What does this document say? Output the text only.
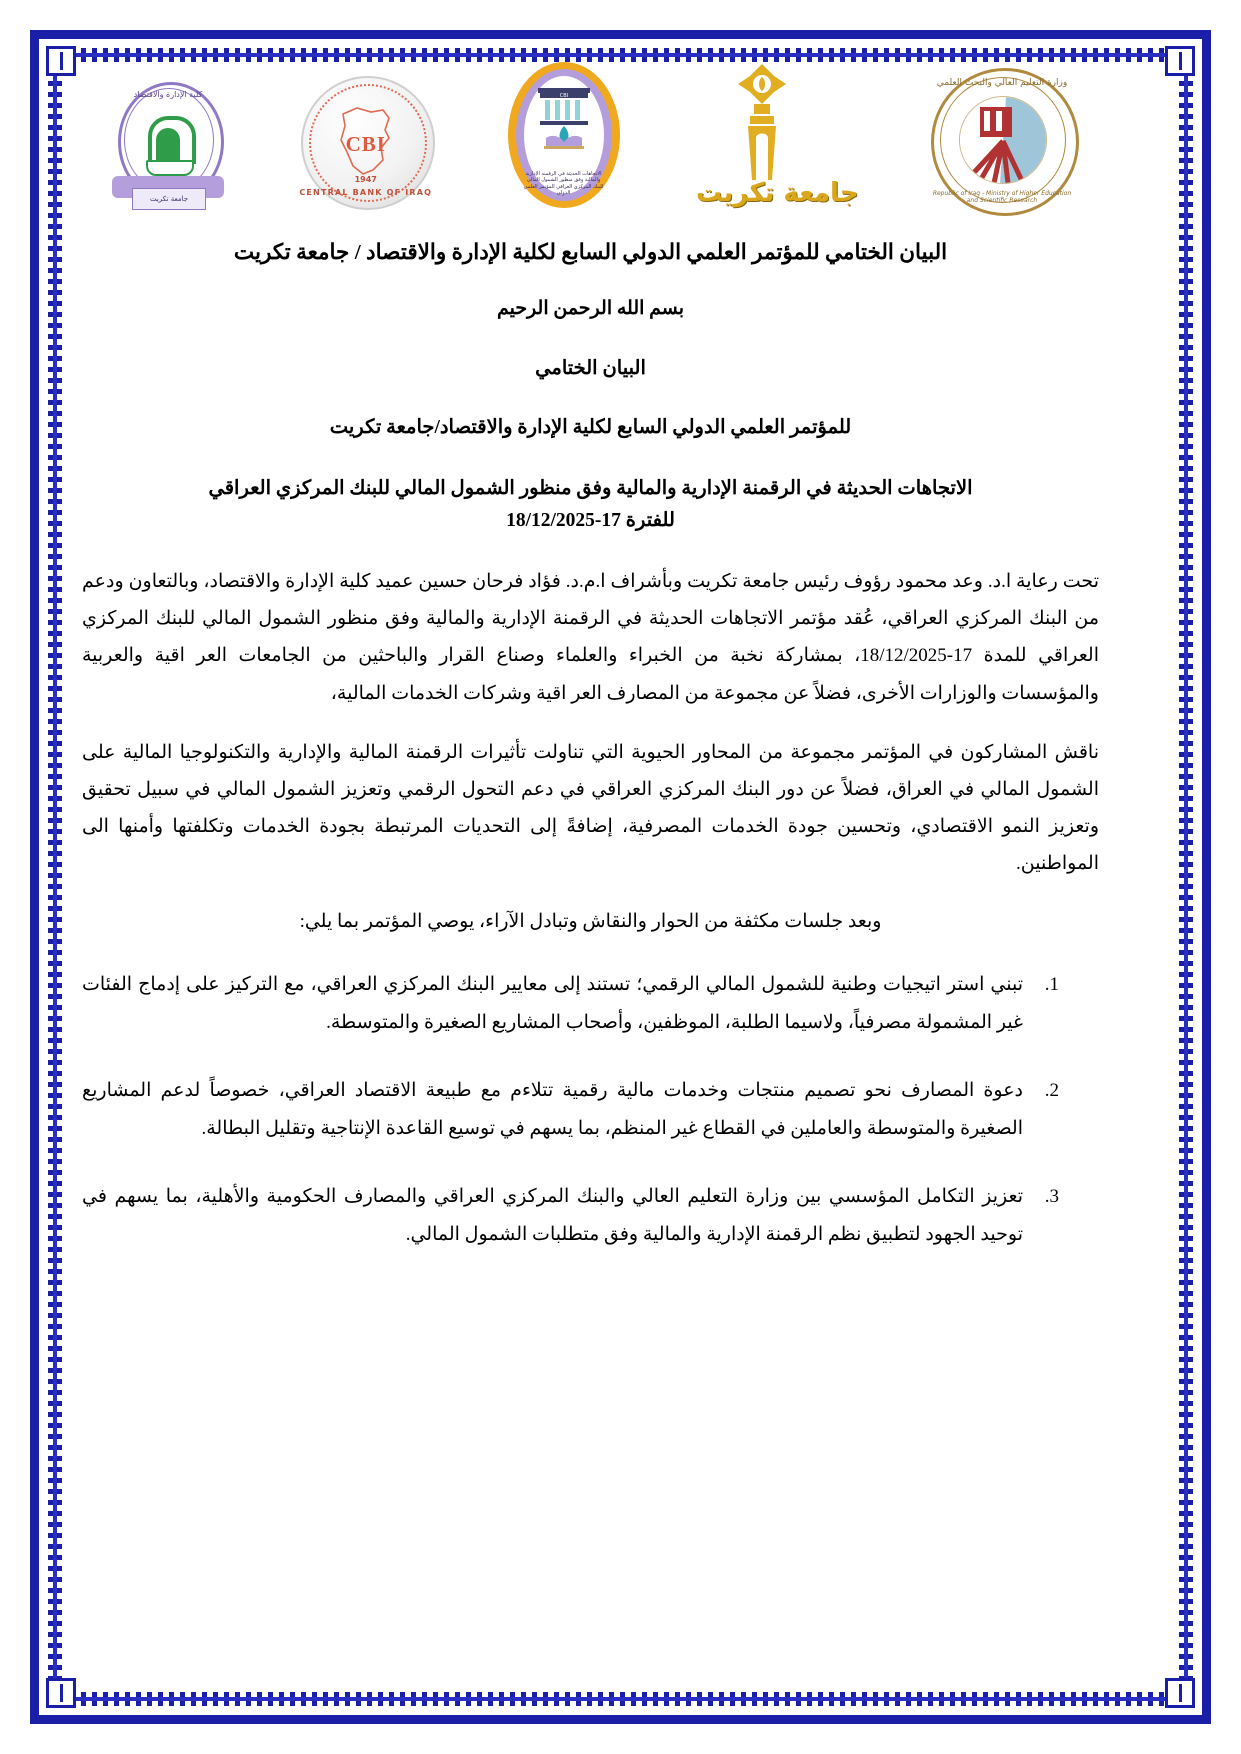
كلية الإدارة والاقتصاد
جامعة تكريت
CBI
1947
CENTRAL BANK OF IRAQ
CBI
الاتجاهات الحديثة في الرقمنة الإدارية والمالية وفق منظور الشمول المالي للبنك المركزي العراقي المؤتمر العلمي الدولي	جامعة تكريت
وزارة التعليم العالي والبحث العلمي
Republic of Iraq - Ministry of Higher Education and Scientific Research
البيان الختامي للمؤتمر العلمي الدولي السابع لكلية الإدارة والاقتصاد / جامعة تكريت
بسم الله الرحمن الرحيم
البيان الختامي
للمؤتمر العلمي الدولي السابع لكلية الإدارة والاقتصاد/جامعة تكريت
الاتجاهات الحديثة في الرقمنة الإدارية والمالية وفق منظور الشمول المالي للبنك المركزي العراقي
للفترة 17-18/12/2025

تحت رعاية ا.د. وعد محمود رؤوف رئيس جامعة تكريت وبأشراف ا.م.د. فؤاد فرحان حسين عميد كلية الإدارة والاقتصاد، وبالتعاون ودعم من البنك المركزي العراقي، عُقد مؤتمر الاتجاهات الحديثة في الرقمنة الإدارية والمالية وفق منظور الشمول المالي للبنك المركزي العراقي للمدة 17-18/12/2025، بمشاركة نخبة من الخبراء والعلماء وصناع القرار والباحثين من الجامعات العر اقية والعربية والمؤسسات والوزارات الأخرى، فضلاً عن مجموعة من المصارف العر اقية وشركات الخدمات المالية،

ناقش المشاركون في المؤتمر مجموعة من المحاور الحيوية التي تناولت تأثيرات الرقمنة المالية والإدارية والتكنولوجيا المالية على الشمول المالي في العراق، فضلاً عن دور البنك المركزي العراقي في دعم التحول الرقمي وتعزيز الشمول المالي في سبيل تحقيق وتعزيز النمو الاقتصادي، وتحسين جودة الخدمات المصرفية، إضافةً إلى التحديات المرتبطة بجودة الخدمات وتكلفتها وأمنها الى المواطنين.

وبعد جلسات مكثفة من الحوار والنقاش وتبادل الآراء، يوصي المؤتمر بما يلي:
تبني استر اتيجيات وطنية للشمول المالي الرقمي؛ تستند إلى معايير البنك المركزي العراقي، مع التركيز على إدماج الفئات غير المشمولة مصرفياً، ولاسيما الطلبة، الموظفين، وأصحاب المشاريع الصغيرة والمتوسطة.
دعوة المصارف نحو تصميم منتجات وخدمات مالية رقمية تتلاءم مع طبيعة الاقتصاد العراقي، خصوصاً لدعم المشاريع الصغيرة والمتوسطة والعاملين في القطاع غير المنظم، بما يسهم في توسيع القاعدة الإنتاجية وتقليل البطالة.
تعزيز التكامل المؤسسي بين وزارة التعليم العالي والبنك المركزي العراقي والمصارف الحكومية والأهلية، بما يسهم في توحيد الجهود لتطبيق نظم الرقمنة الإدارية والمالية وفق متطلبات الشمول المالي.
